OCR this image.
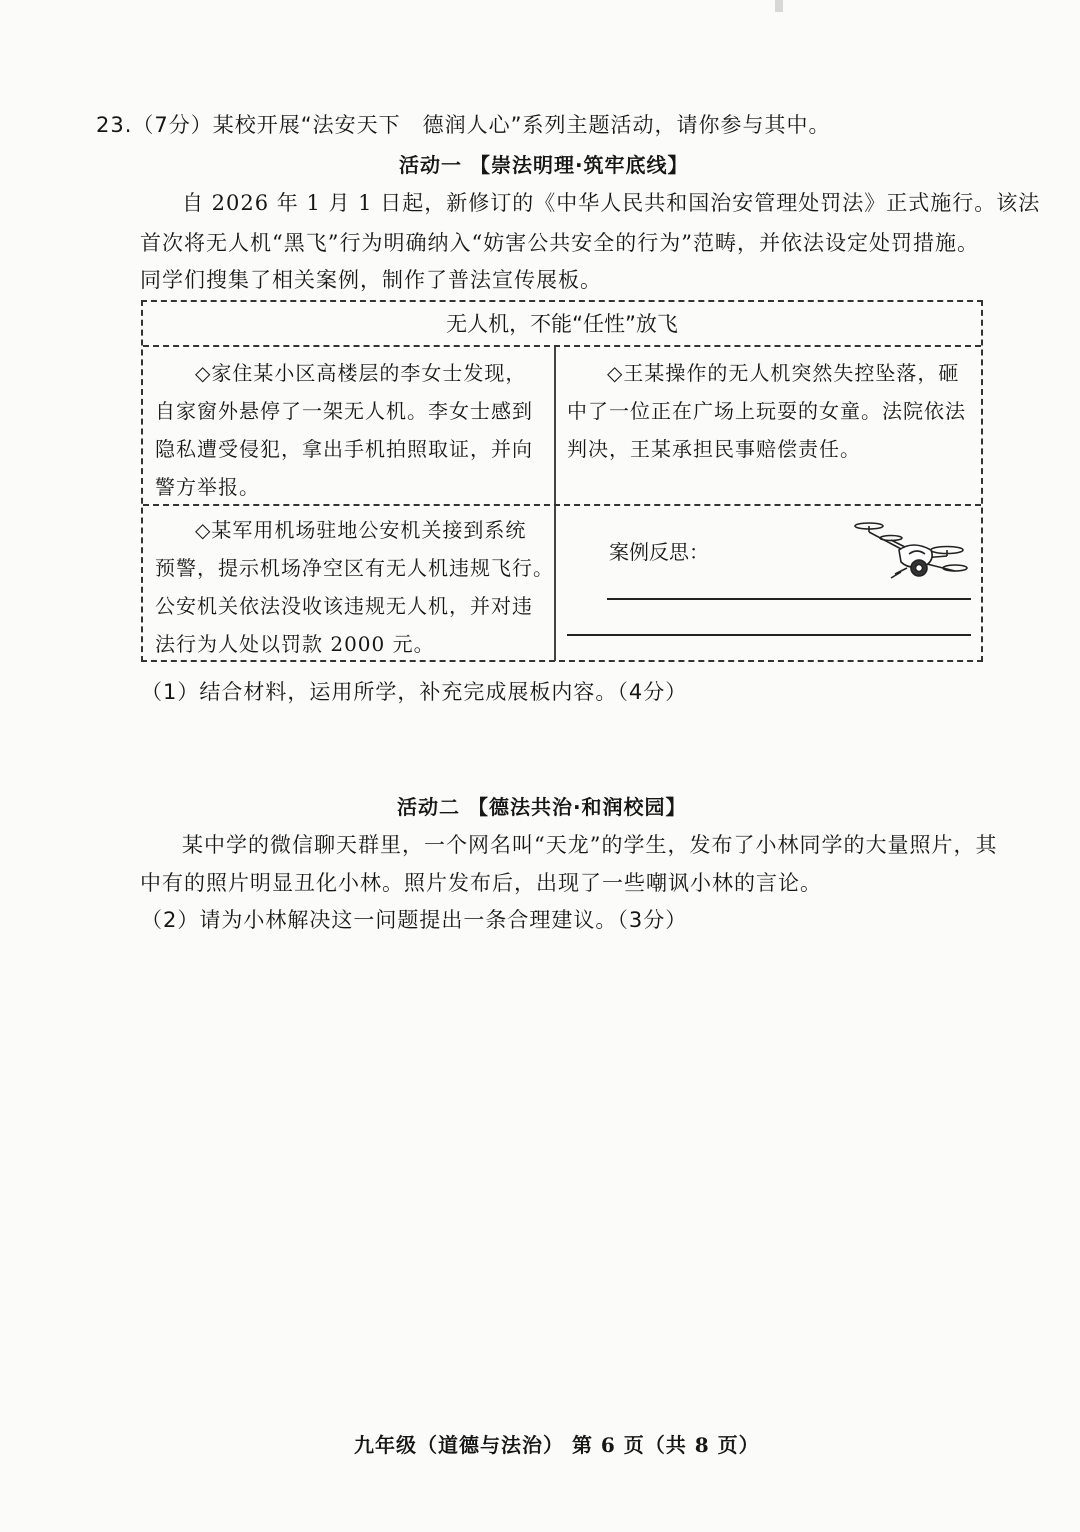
23.（7分）某校开展“法安天下　德润人心”系列主题活动，请你参与其中。
活动一 【崇法明理·筑牢底线】
自 2026 年 1 月 1 日起，新修订的《中华人民共和国治安管理处罚法》正式施行。该法
首次将无人机“黑飞”行为明确纳入“妨害公共安全的行为”范畴，并依法设定处罚措施。
同学们搜集了相关案例，制作了普法宣传展板。
无人机，不能“任性”放飞

◇家住某小区高楼层的李女士发现，

自家窗外悬停了一架无人机。李女士感到

隐私遭受侵犯，拿出手机拍照取证，并向

警方举报。

◇王某操作的无人机突然失控坠落，砸

中了一位正在广场上玩耍的女童。法院依法

判决，王某承担民事赔偿责任。

◇某军用机场驻地公安机关接到系统

预警，提示机场净空区有无人机违规飞行。

公安机关依法没收该违规无人机，并对违

法行为人处以罚款 2000 元。

案例反思：
（1）结合材料，运用所学，补充完成展板内容。（4分）
活动二 【德法共治·和润校园】
某中学的微信聊天群里，一个网名叫“天龙”的学生，发布了小林同学的大量照片，其
中有的照片明显丑化小林。照片发布后，出现了一些嘲讽小林的言论。
（2）请为小林解决这一问题提出一条合理建议。（3分）
九年级（道德与法治） 第 6 页（共 8 页）
